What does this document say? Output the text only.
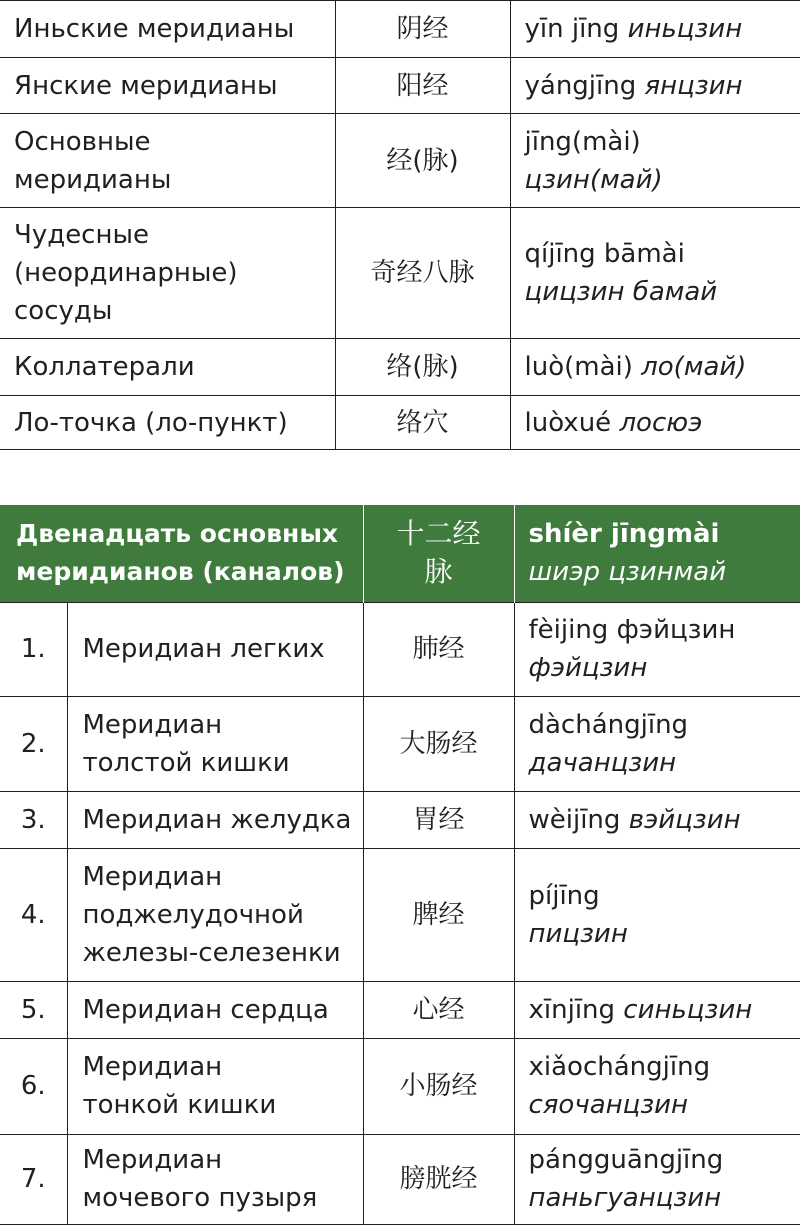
Иньские меридианы	阴经	yīn jīng иньцзин
Янские меридианы	阳经	yángjīng янцзин

Основные меридианы	经(脉)	jīng(mài)
цзин(май)

Чудесные (неординарные) сосуды	奇经八脉	qíjīng bāmài
цицзин бамай
Коллатерали	络(脉)	luò(mài) ло(май)
Ло-точка (ло-пункт)	络穴	luòxué лосюэ
Двенадцать основных меридианов (каналов)		十二经脉	shíèr jīngmài
шиэр цзинмай
1.	Меридиан легких	肺经	fèijing фэйцзин
фэйцзин
2.	Меридиан толстой кишки	大肠经	dàchángjīng
дачанцзин
3.	Меридиан желудка	胃经	wèijīng вэйцзин
4.	Меридиан поджелудочной железы-селезенки	脾经	píjīng
пицзин
5.	Меридиан сердца	心经	xīnjīng синьцзин
6.	Меридиан тонкой кишки	小肠经	xiǎochángjīng
сяочанцзин
7.	Меридиан мочевого пузыря	膀胱经	pángguāngjīng
паньгуанцзин
